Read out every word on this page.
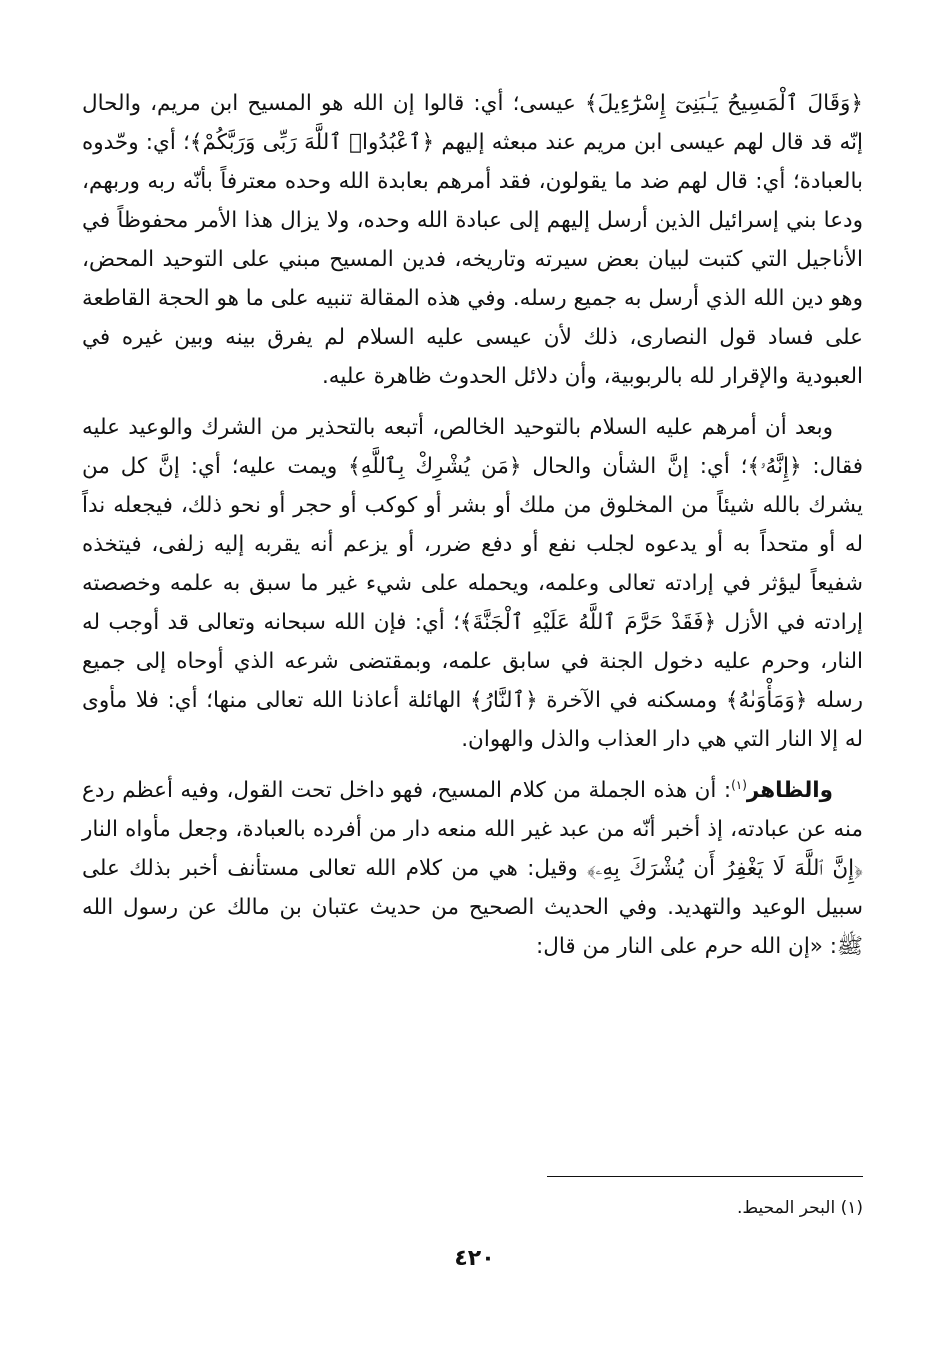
﴿وَقَالَ ٱلْمَسِيحُ يَـٰبَنِىٓ إِسْرَٰٓءِيلَ﴾ عيسى؛ أي: قالوا إن الله هو المسيح ابن مريم، والحال إنّه قد قال لهم عيسى ابن مريم عند مبعثه إليهم ﴿ٱعْبُدُوا۟ ٱللَّهَ رَبِّى وَرَبَّكُمْ﴾؛ أي: وحّدوه بالعبادة؛ أي: قال لهم ضد ما يقولون، فقد أمرهم بعابدة الله وحده معترفاً بأنّه ربه وربهم، ودعا بني إسرائيل الذين أرسل إليهم إلى عبادة الله وحده، ولا يزال هذا الأمر محفوظاً في الأناجيل التي كتبت لبيان بعض سيرته وتاريخه، فدين المسيح مبني على التوحيد المحض، وهو دين الله الذي أرسل به جميع رسله. وفي هذه المقالة تنبيه على ما هو الحجة القاطعة على فساد قول النصارى، ذلك لأن عيسى عليه السلام لم يفرق بينه وبين غيره في العبودية والإقرار لله بالربوبية، وأن دلائل الحدوث ظاهرة عليه.

وبعد أن أمرهم عليه السلام بالتوحيد الخالص، أتبعه بالتحذير من الشرك والوعيد عليه فقال: ﴿إِنَّهُۥ﴾؛ أي: إنَّ الشأن والحال ﴿مَن يُشْرِكْ بِٱللَّهِ﴾ ويمت عليه؛ أي: إنَّ كل من يشرك بالله شيئاً من المخلوق من ملك أو بشر أو كوكب أو حجر أو نحو ذلك، فيجعله نداً له أو متحداً به أو يدعوه لجلب نفع أو دفع ضرر، أو يزعم أنه يقربه إليه زلفى، فيتخذه شفيعاً ليؤثر في إرادته تعالى وعلمه، ويحمله على شيء غير ما سبق به علمه وخصصته إرادته في الأزل ﴿فَقَدْ حَرَّمَ ٱللَّهُ عَلَيْهِ ٱلْجَنَّةَ﴾؛ أي: فإن الله سبحانه وتعالى قد أوجب له النار، وحرم عليه دخول الجنة في سابق علمه، وبمقتضى شرعه الذي أوحاه إلى جميع رسله ﴿وَمَأْوَىٰهُ﴾ ومسكنه في الآخرة ﴿ٱلنَّارُ﴾ الهائلة أعاذنا الله تعالى منها؛ أي: فلا مأوى له إلا النار التي هي دار العذاب والذل والهوان.

والظاهر$^{(١)}$: أن هذه الجملة من كلام المسيح، فهو داخل تحت القول، وفيه أعظم ردع منه عن عبادته، إذ أخبر أنّه من عبد غير الله منعه دار من أفرده بالعبادة، وجعل مأواه النار ﴿إِنَّ ٱللَّهَ لَا يَغْفِرُ أَن يُشْرَكَ بِهِۦ﴾ وقيل: هي من كلام الله تعالى مستأنف أخبر بذلك على سبيل الوعيد والتهديد. وفي الحديث الصحيح من حديث عتبان بن مالك عن رسول الله ﷺ: «إن الله حرم على النار من قال:

(١) البحر المحيط.
٤٢٠
